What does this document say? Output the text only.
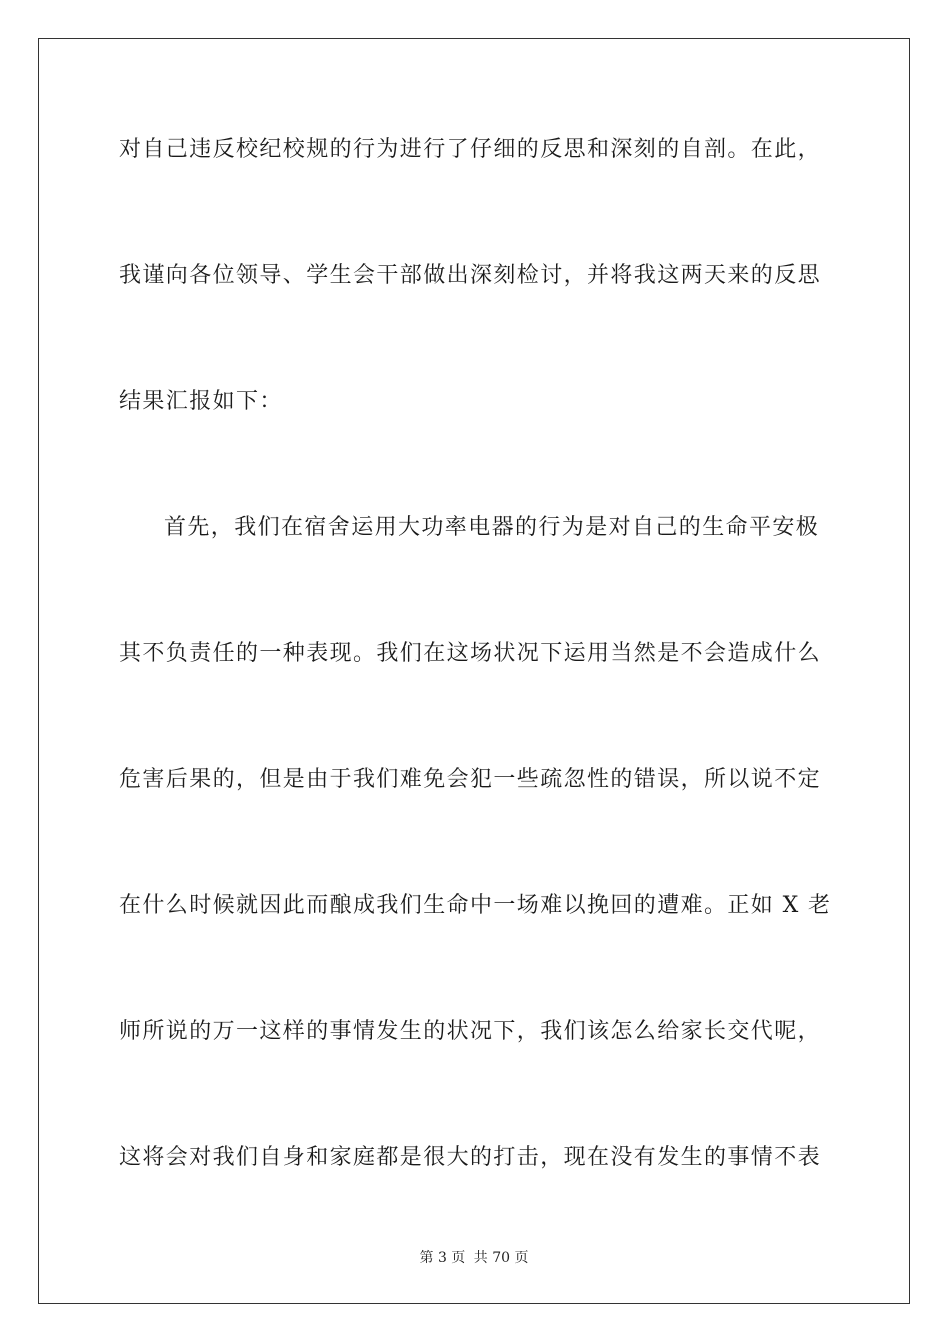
对自己违反校纪校规的行为进行了仔细的反思和深刻的自剖。在此，
我谨向各位领导、学生会干部做出深刻检讨，并将我这两天来的反思
结果汇报如下：
首先，我们在宿舍运用大功率电器的行为是对自己的生命平安极
其不负责任的一种表现。我们在这场状况下运用当然是不会造成什么
危害后果的，但是由于我们难免会犯一些疏忽性的错误，所以说不定
在什么时候就因此而酿成我们生命中一场难以挽回的遭难。正如 X 老
师所说的万一这样的事情发生的状况下，我们该怎么给家长交代呢，
这将会对我们自身和家庭都是很大的打击，现在没有发生的事情不表
第 3 页 共 70 页
